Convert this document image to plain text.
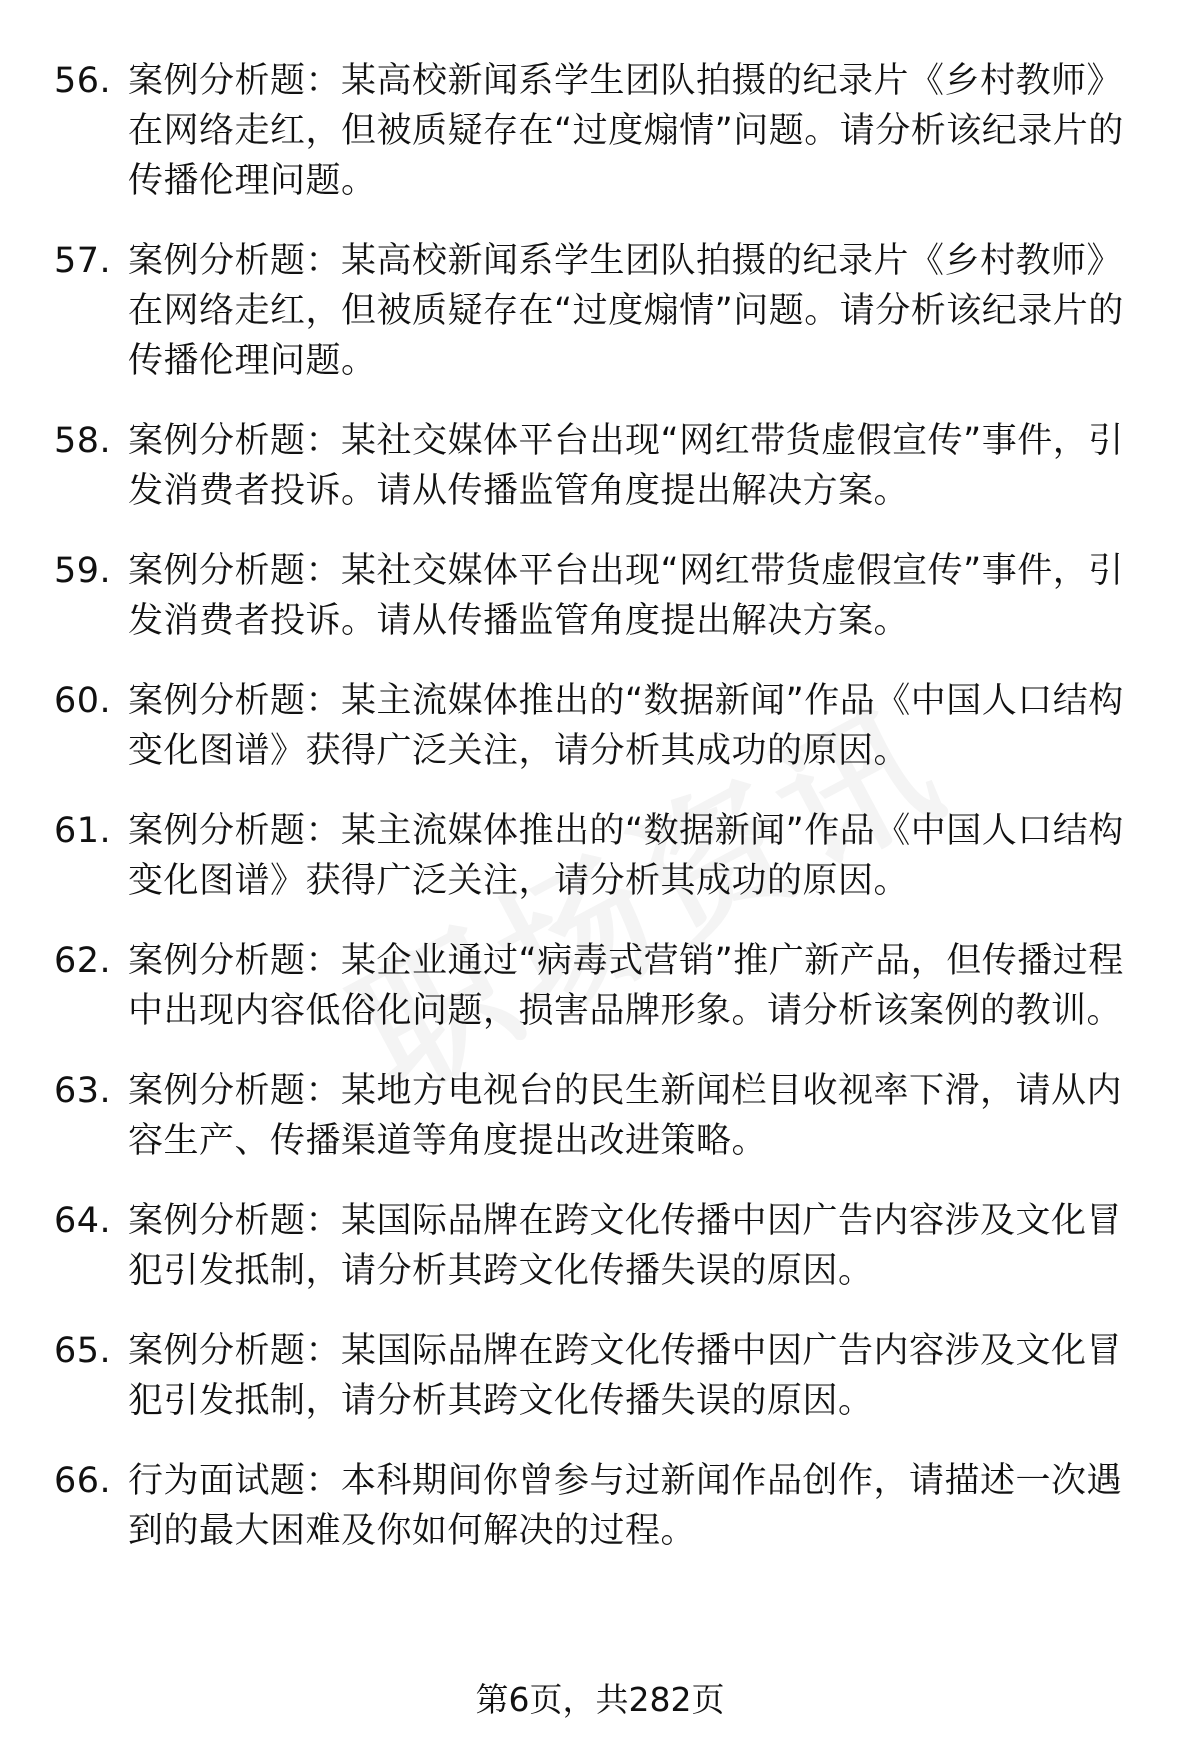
56. 案例分析题：某高校新闻系学生团队拍摄的纪录片《乡村教师》在网络走红，但被质疑存在“过度煽情”问题。请分析该纪录片的传播伦理问题。
57. 案例分析题：某高校新闻系学生团队拍摄的纪录片《乡村教师》在网络走红，但被质疑存在“过度煽情”问题。请分析该纪录片的传播伦理问题。
58. 案例分析题：某社交媒体平台出现“网红带货虚假宣传”事件，引发消费者投诉。请从传播监管角度提出解决方案。
59. 案例分析题：某社交媒体平台出现“网红带货虚假宣传”事件，引发消费者投诉。请从传播监管角度提出解决方案。
60. 案例分析题：某主流媒体推出的“数据新闻”作品《中国人口结构变化图谱》获得广泛关注，请分析其成功的原因。
61. 案例分析题：某主流媒体推出的“数据新闻”作品《中国人口结构变化图谱》获得广泛关注，请分析其成功的原因。
62. 案例分析题：某企业通过“病毒式营销”推广新产品，但传播过程中出现内容低俗化问题，损害品牌形象。请分析该案例的教训。
63. 案例分析题：某地方电视台的民生新闻栏目收视率下滑，请从内容生产、传播渠道等角度提出改进策略。
64. 案例分析题：某国际品牌在跨文化传播中因广告内容涉及文化冒犯引发抵制，请分析其跨文化传播失误的原因。
65. 案例分析题：某国际品牌在跨文化传播中因广告内容涉及文化冒犯引发抵制，请分析其跨文化传播失误的原因。
66. 行为面试题：本科期间你曾参与过新闻作品创作，请描述一次遇到的最大困难及你如何解决的过程。
第6页，共282页
